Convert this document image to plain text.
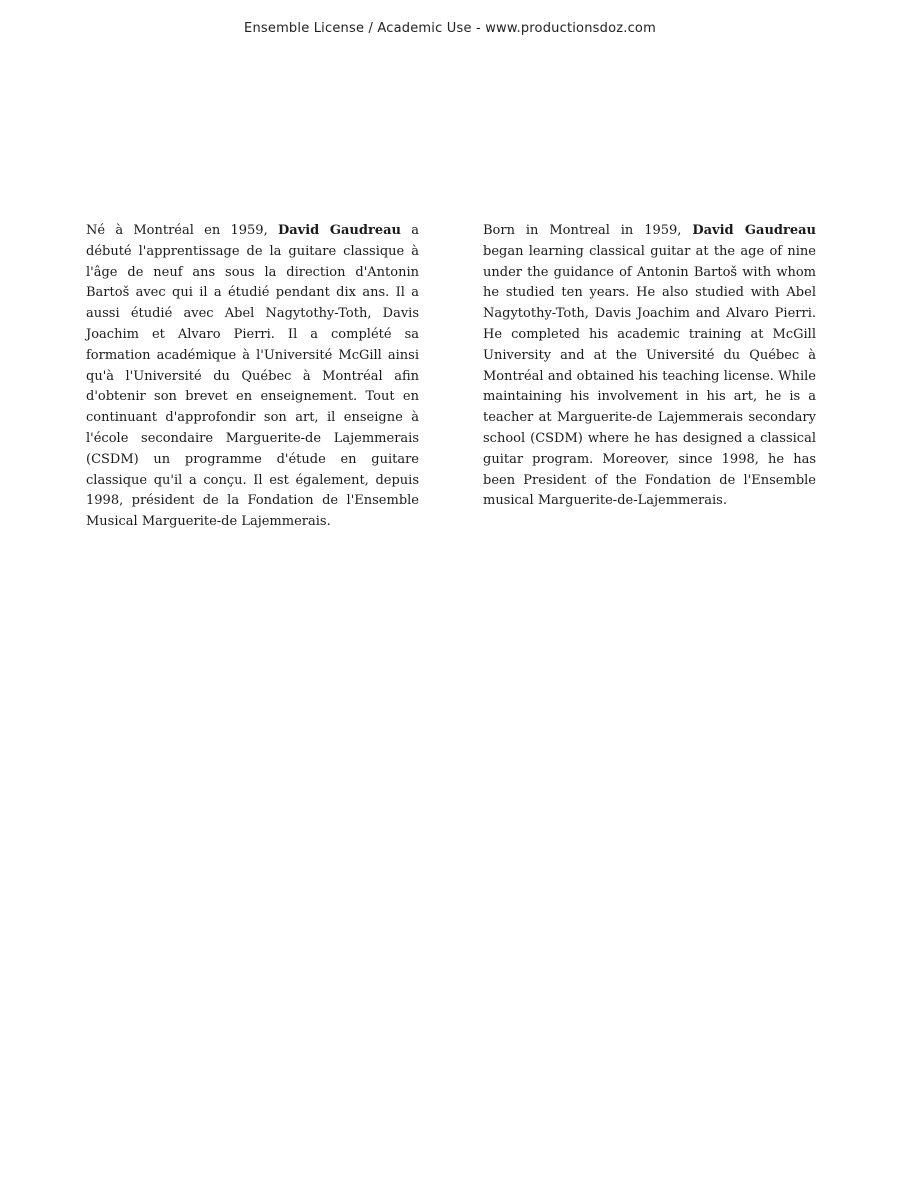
Ensemble License / Academic Use - www.productionsdoz.com

Né à Montréal en 1959, David Gaudreau a débuté l'apprentissage de la guitare classique à l'âge de neuf ans sous la direction d'Antonin Bartoš avec qui il a étudié pendant dix ans. Il a aussi étudié avec Abel Nagytothy-Toth, Davis Joachim et Alvaro Pierri. Il a complété sa formation académique à l'Université McGill ainsi qu'à l'Université du Québec à Montréal afin d'obtenir son brevet en enseignement. Tout en continuant d'approfondir son art, il enseigne à l'école secondaire Marguerite-de Lajemmerais (CSDM) un programme d'étude en guitare classique qu'il a conçu. Il est également, depuis 1998, président de la Fondation de l'Ensemble Musical Marguerite-de Lajemmerais.

Born in Montreal in 1959, David Gaudreau began learning classical guitar at the age of nine under the guidance of Antonin Bartoš with whom he studied ten years. He also studied with Abel Nagytothy-Toth, Davis Joachim and Alvaro Pierri. He completed his academic training at McGill University and at the Université du Québec à Montréal and obtained his teaching license. While maintaining his involvement in his art, he is a teacher at Marguerite-de Lajemmerais secondary school (CSDM) where he has designed a classical guitar program. Moreover, since 1998, he has been President of the Fondation de l'Ensemble musical Marguerite-de-Lajemmerais.
